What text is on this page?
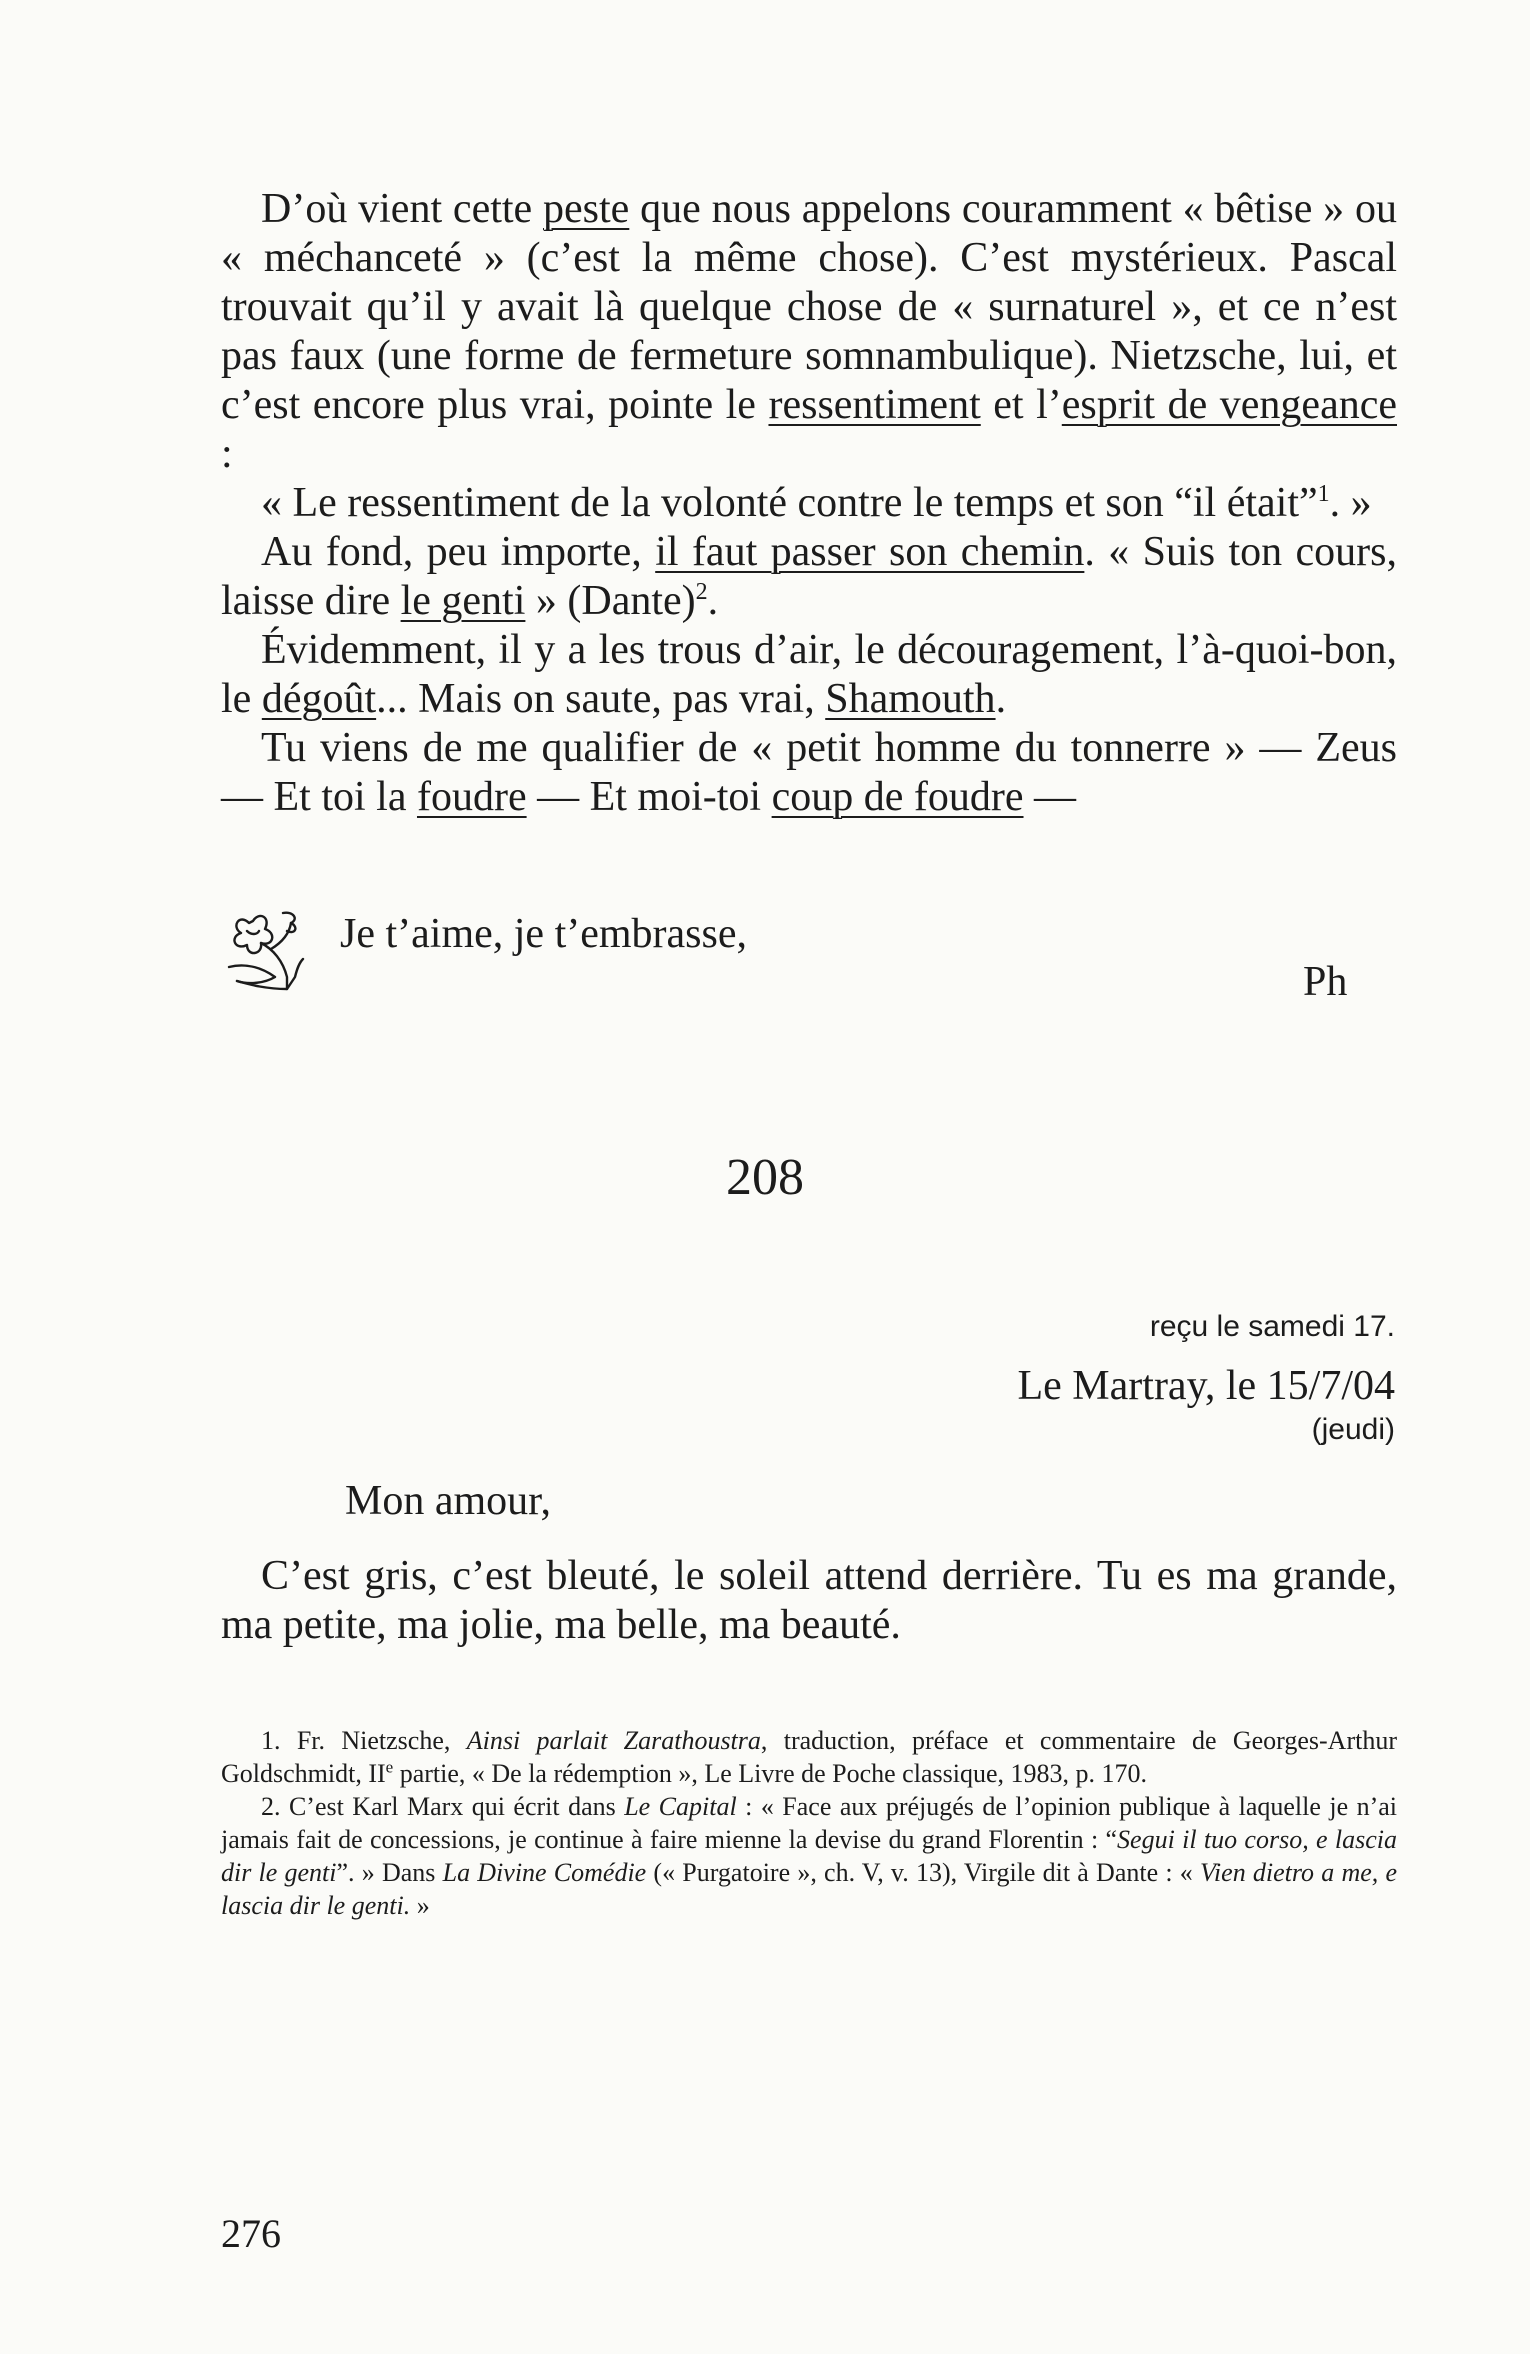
D’où vient cette peste que nous appelons couramment « bêtise » ou « méchanceté » (c’est la même chose). C’est mystérieux. Pascal trouvait qu’il y avait là quelque chose de « surnaturel », et ce n’est pas faux (une forme de fermeture somnambulique). Nietzsche, lui, et c’est encore plus vrai, pointe le ressentiment et l’esprit de vengeance :

« Le ressentiment de la volonté contre le temps et son “il était”$^1$. »

Au fond, peu importe, il faut passer son chemin. « Suis ton cours, laisse dire le genti » (Dante)$^2$.

Évidemment, il y a les trous d’air, le découragement, l’à-quoi-bon, le dégoût... Mais on saute, pas vrai, Shamouth.

Tu viens de me qualifier de « petit homme du tonnerre » — Zeus — Et toi la foudre — Et moi-toi coup de foudre —

Je t’aime, je t’embrasse,
Ph
208
reçu le samedi 17.
Le Martray, le 15/7/04
(jeudi)
Mon amour,

C’est gris, c’est bleuté, le soleil attend derrière. Tu es ma grande, ma petite, ma jolie, ma belle, ma beauté.

1. Fr. Nietzsche, Ainsi parlait Zarathoustra, traduction, préface et commentaire de Georges-Arthur Goldschmidt, IIe partie, « De la rédemption », Le Livre de Poche classique, 1983, p. 170.

2. C’est Karl Marx qui écrit dans Le Capital : « Face aux préjugés de l’opinion publique à laquelle je n’ai jamais fait de concessions, je continue à faire mienne la devise du grand Florentin : “Segui il tuo corso, e lascia dir le genti”. » Dans La Divine Comédie (« Purgatoire », ch. V, v. 13), Virgile dit à Dante : « Vien dietro a me, e lascia dir le genti. »

276
